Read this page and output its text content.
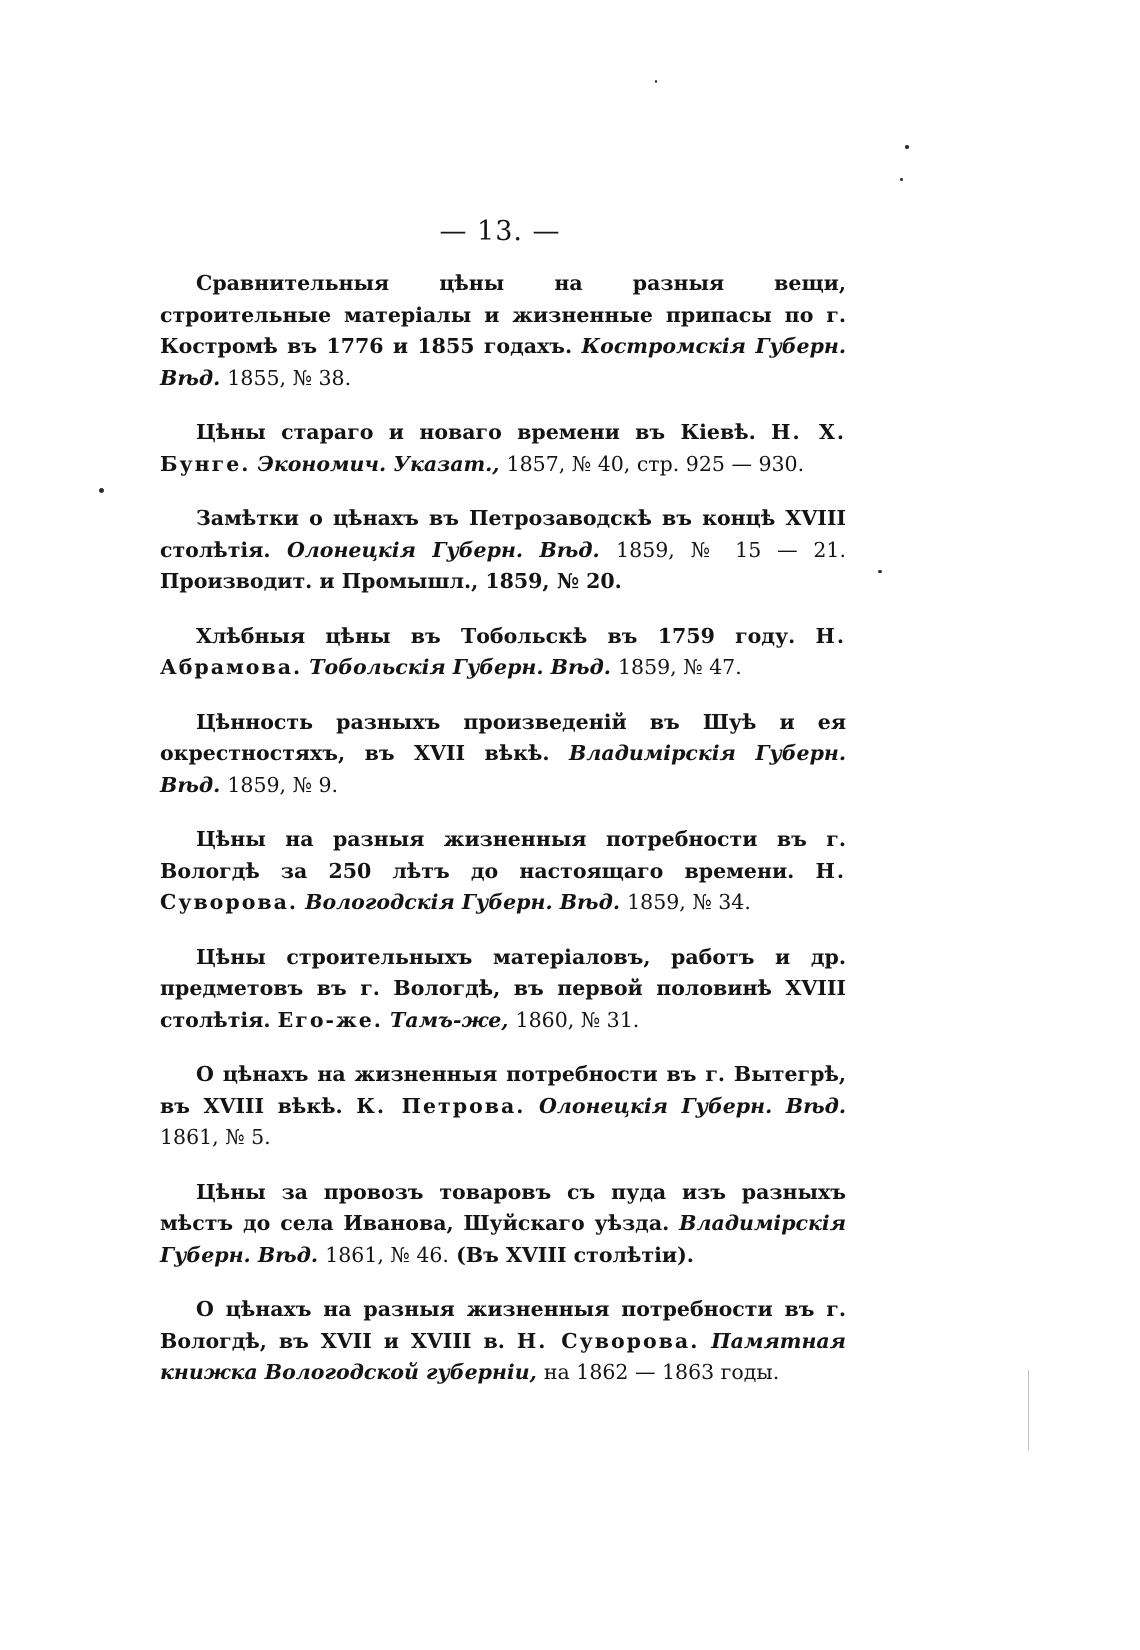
— 13. —

Сравнительныя цѣны на разныя вещи, строительные матеріалы и жизненные припасы по г. Костромѣ въ 1776 и 1855 годахъ. Костромскія Губерн. Вѣд. 1855, № 38.

Цѣны стараго и новаго времени въ Кіевѣ. Н. Х. Бунге. Экономич. Указат., 1857, № 40, стр. 925 — 930.

Замѣтки о цѣнахъ въ Петрозаводскѣ въ концѣ XVIII столѣтія. Олонецкія Губерн. Вѣд. 1859, № 15 — 21. Производит. и Промышл., 1859, № 20.

Хлѣбныя цѣны въ Тобольскѣ въ 1759 году. Н. Абрамова. Тобольскія Губерн. Вѣд. 1859, № 47.

Цѣнность разныхъ произведеній въ Шуѣ и ея окрестностяхъ, въ XVII вѣкѣ. Владимірскія Губерн. Вѣд. 1859, № 9.

Цѣны на разныя жизненныя потребности въ г. Вологдѣ за 250 лѣтъ до настоящаго времени. Н. Суворова. Вологодскія Губерн. Вѣд. 1859, № 34.

Цѣны строительныхъ матеріаловъ, работъ и др. предметовъ въ г. Вологдѣ, въ первой половинѣ XVIII столѣтія. Его-же. Тамъ-же, 1860, № 31.

О цѣнахъ на жизненныя потребности въ г. Вытегрѣ, въ XVIII вѣкѣ. К. Петрова. Олонецкія Губерн. Вѣд. 1861, № 5.

Цѣны за провозъ товаровъ съ пуда изъ разныхъ мѣстъ до села Иванова, Шуйскаго уѣзда. Владимірскія Губерн. Вѣд. 1861, № 46. (Въ XVIII столѣтіи).

О цѣнахъ на разныя жизненныя потребности въ г. Вологдѣ, въ XVII и XVIII в. Н. Суворова. Памятная книжка Вологодской губерніи, на 1862 — 1863 годы.
